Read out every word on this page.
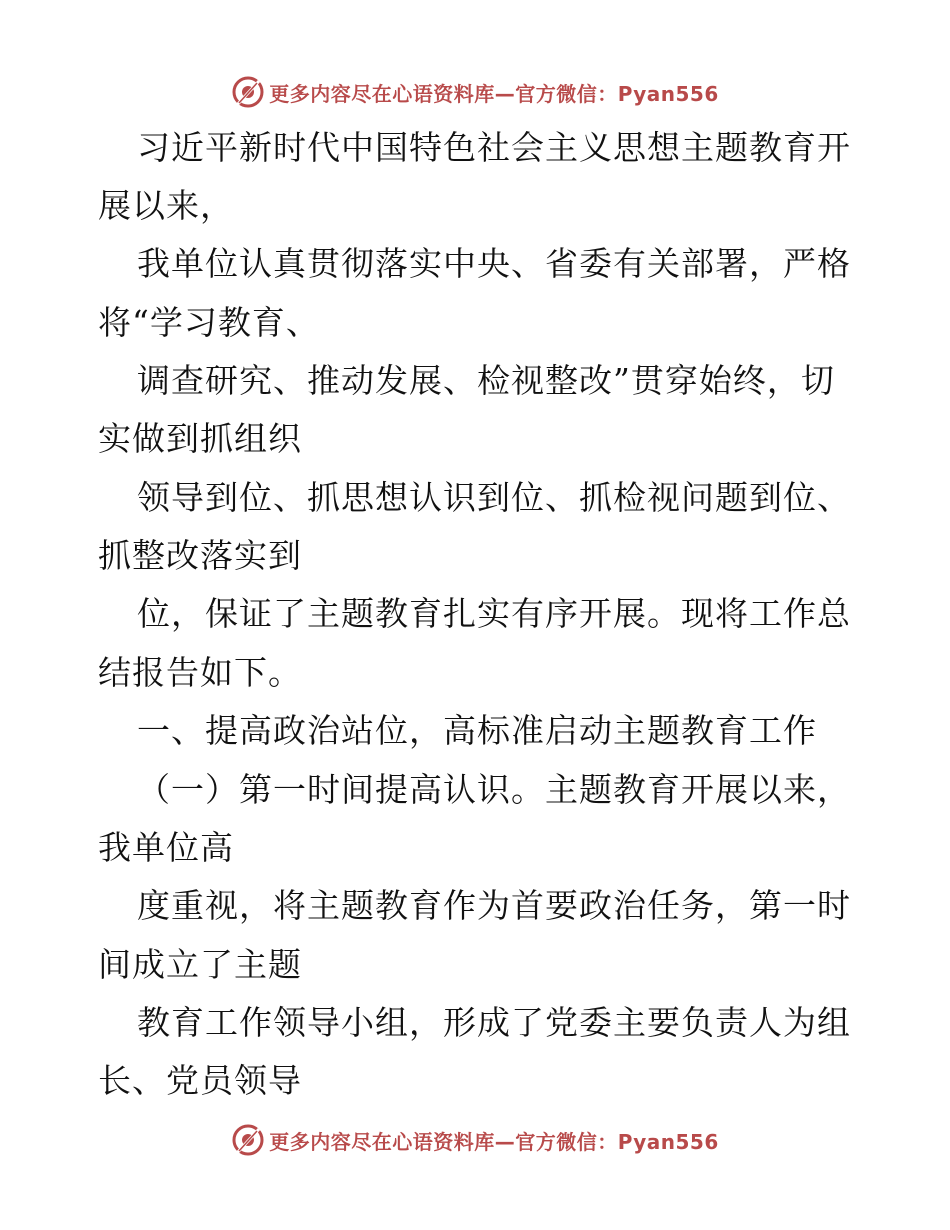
更多内容尽在心语资料库—官方微信：Pyan556
习近平新时代中国特色社会主义思想主题教育开
展以来，
我单位认真贯彻落实中央、省委有关部署，严格
将“学习教育、
调查研究、推动发展、检视整改”贯穿始终，切
实做到抓组织
领导到位、抓思想认识到位、抓检视问题到位、
抓整改落实到
位，保证了主题教育扎实有序开展。现将工作总
结报告如下。
一、提高政治站位，高标准启动主题教育工作
（一）第一时间提高认识。主题教育开展以来，
我单位高
度重视，将主题教育作为首要政治任务，第一时
间成立了主题
教育工作领导小组，形成了党委主要负责人为组
长、党员领导
更多内容尽在心语资料库—官方微信：Pyan556
